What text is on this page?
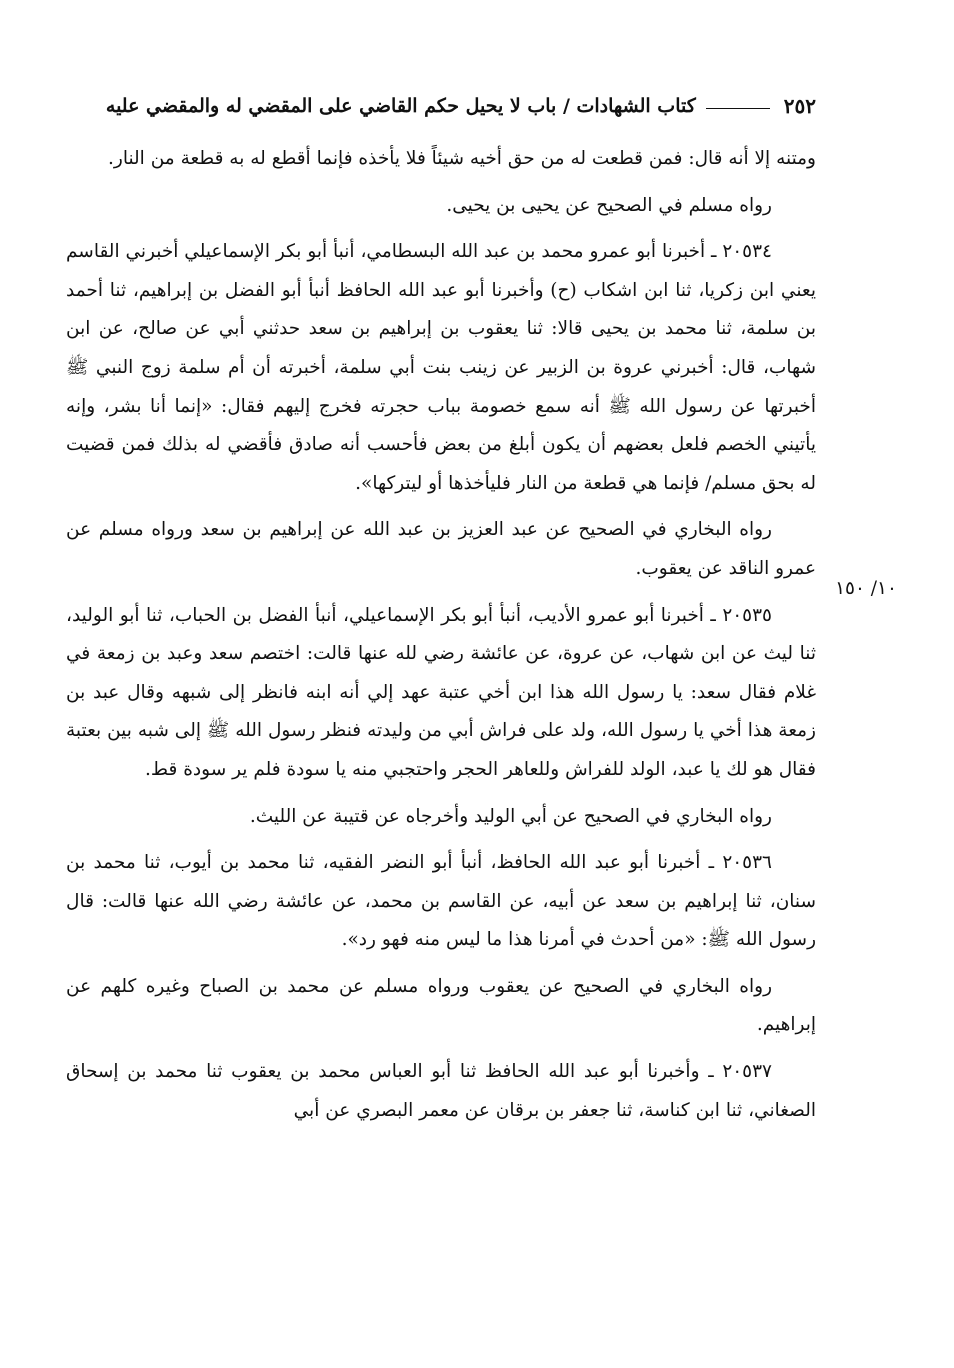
٢٥٢
كتاب الشهادات / باب لا يحيل حكم القاضي على المقضي له والمقضي عليه
١٠/ ١٥٠

ومتنه إلا أنه قال: فمن قطعت له من حق أخيه شيئاً فلا يأخذه فإنما أقطع له به قطعة من النار.

رواه مسلم في الصحيح عن يحيى بن يحيى.

٢٠٥٣٤ ـ أخبرنا أبو عمرو محمد بن عبد الله البسطامي، أنبأ أبو بكر الإسماعيلي أخبرني القاسم يعني ابن زكريا، ثنا ابن اشكاب (ح) وأخبرنا أبو عبد الله الحافظ أنبأ أبو الفضل بن إبراهيم، ثنا أحمد بن سلمة، ثنا محمد بن يحيى قالا: ثنا يعقوب بن إبراهيم بن سعد حدثني أبي عن صالح، عن ابن شهاب، قال: أخبرني عروة بن الزبير عن زينب بنت أبي سلمة، أخبرته أن أم سلمة زوج النبي ﷺ أخبرتها عن رسول الله ﷺ أنه سمع خصومة بباب حجرته فخرج إليهم فقال: «إنما أنا بشر، وإنه يأتيني الخصم فلعل بعضهم أن يكون أبلغ من بعض فأحسب أنه صادق فأقضي له بذلك فمن قضيت له بحق مسلم/ فإنما هي قطعة من النار فليأخذها أو ليتركها».

رواه البخاري في الصحيح عن عبد العزيز بن عبد الله عن إبراهيم بن سعد ورواه مسلم عن عمرو الناقد عن يعقوب.

٢٠٥٣٥ ـ أخبرنا أبو عمرو الأديب، أنبأ أبو بكر الإسماعيلي، أنبأ الفضل بن الحباب، ثنا أبو الوليد، ثنا ليث عن ابن شهاب، عن عروة، عن عائشة رضي لله عنها قالت: اختصم سعد وعبد بن زمعة في غلام فقال سعد: يا رسول الله هذا ابن أخي عتبة عهد إلي أنه ابنه فانظر إلى شبهه وقال عبد بن زمعة هذا أخي يا رسول الله، ولد على فراش أبي من وليدته فنظر رسول الله ﷺ إلى شبه بين بعتبة فقال هو لك يا عبد، الولد للفراش وللعاهر الحجر واحتجبي منه يا سودة فلم ير سودة قط.

رواه البخاري في الصحيح عن أبي الوليد وأخرجاه عن قتيبة عن الليث.

٢٠٥٣٦ ـ أخبرنا أبو عبد الله الحافظ، أنبأ أبو النضر الفقيه، ثنا محمد بن أيوب، ثنا محمد بن سنان، ثنا إبراهيم بن سعد عن أبيه، عن القاسم بن محمد، عن عائشة رضي الله عنها قالت: قال رسول الله ﷺ: «من أحدث في أمرنا هذا ما ليس منه فهو رد».

رواه البخاري في الصحيح عن يعقوب ورواه مسلم عن محمد بن الصباح وغيره كلهم عن إبراهيم.

٢٠٥٣٧ ـ وأخبرنا أبو عبد الله الحافظ ثنا أبو العباس محمد بن يعقوب ثنا محمد بن إسحاق الصغاني، ثنا ابن كناسة، ثنا جعفر بن برقان عن معمر البصري عن أبي
